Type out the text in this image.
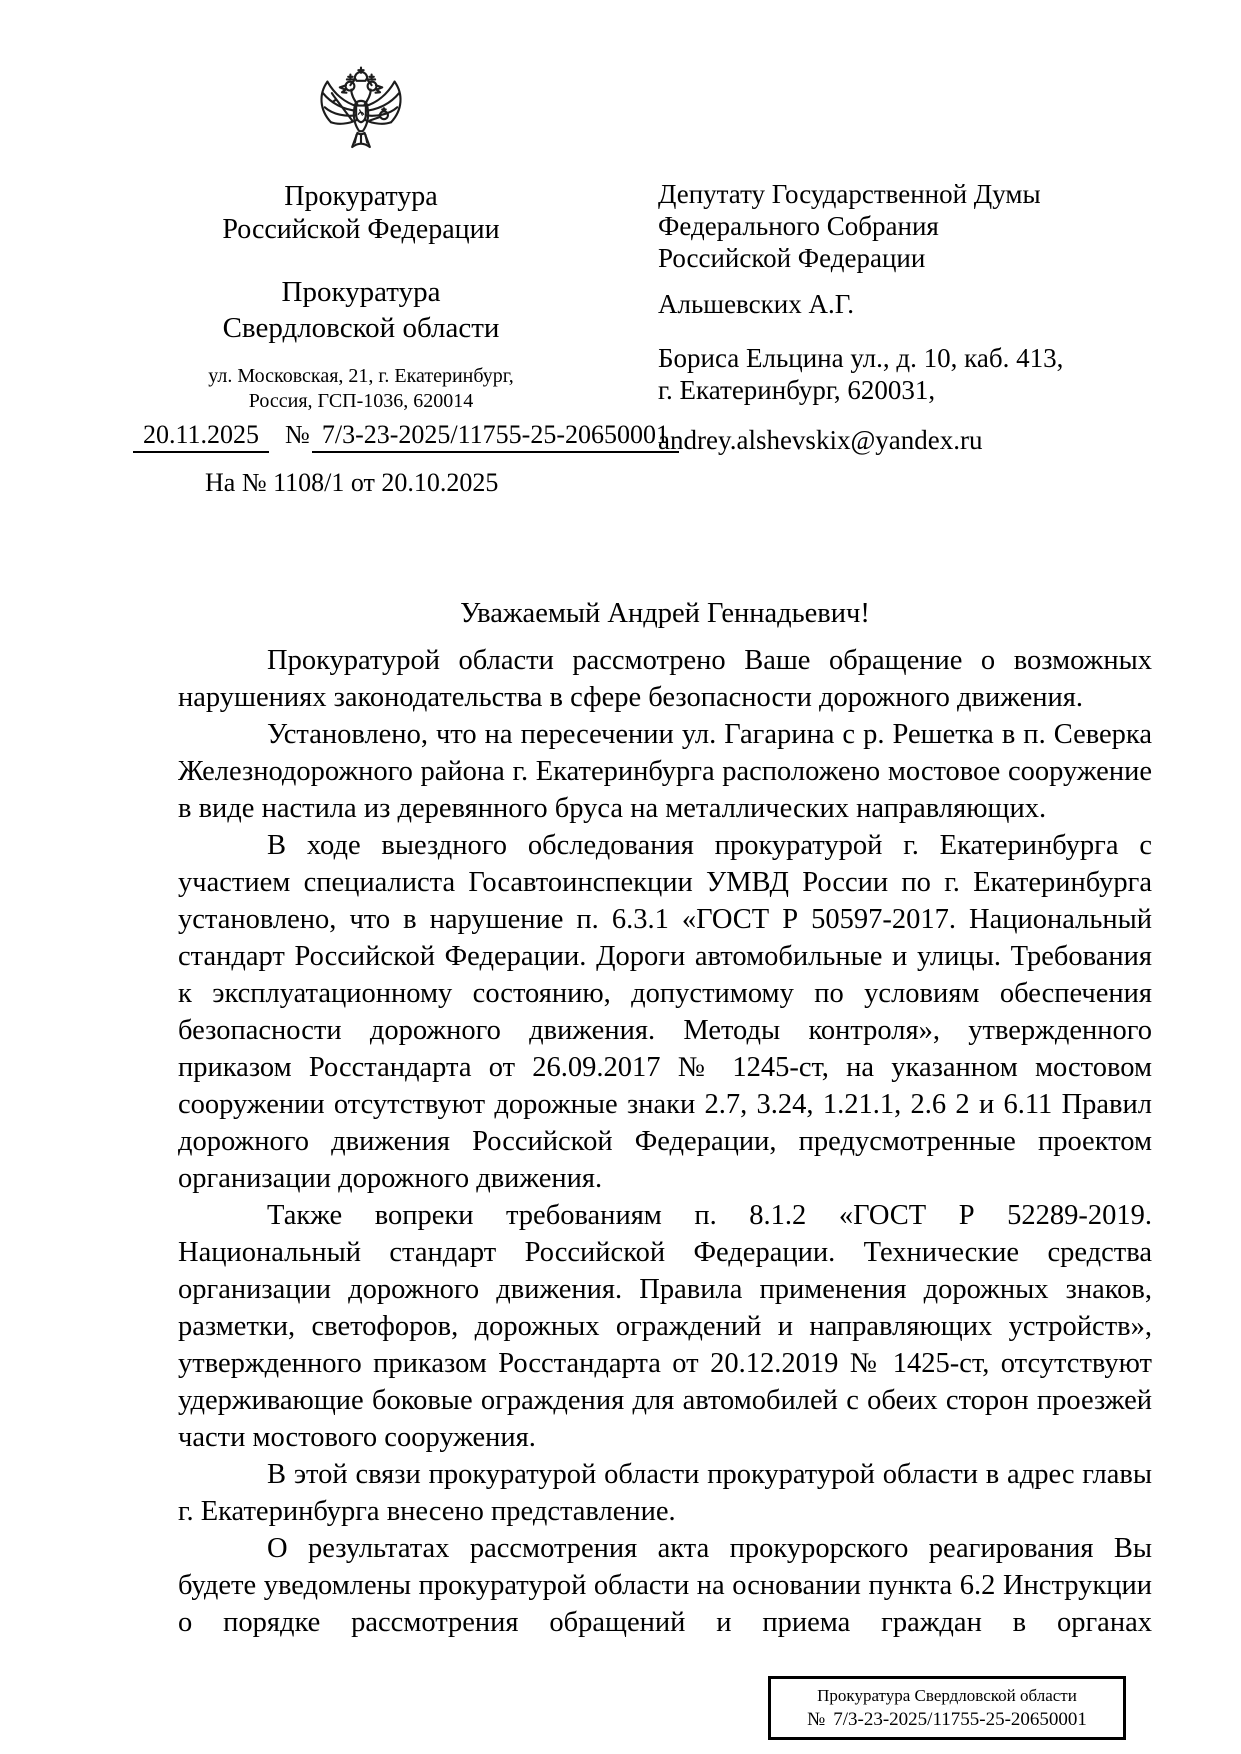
Прокуратура
Российской Федерации
Прокуратура
Свердловской области
ул. Московская, 21, г. Екатеринбург,
Россия, ГСП-1036, 620014
20.11.2025 № 7/3-23-2025/11755-25-20650001
На № 1108/1 от 20.10.2025
Депутату Государственной Думы
Федерального Собрания
Российской Федерации
Альшевских А.Г.
Бориса Ельцина ул., д. 10, каб. 413,
г. Екатеринбург, 620031,
andrey.alshevskix@yandex.ru
Уважаемый Андрей Геннадьевич!

Прокуратурой области рассмотрено Ваше обращение о возможных нарушениях законодательства в сфере безопасности дорожного движения.

Установлено, что на пересечении ул. Гагарина с р. Решетка в п. Северка Железнодорожного района г. Екатеринбурга расположено мостовое сооружение в виде настила из деревянного бруса на металлических направляющих.

В ходе выездного обследования прокуратурой г. Екатеринбурга с участием специалиста Госавтоинспекции УМВД России по г. Екатеринбурга установлено, что в нарушение п. 6.3.1 «ГОСТ Р 50597-2017. Национальный стандарт Российской Федерации. Дороги автомобильные и улицы. Требования к эксплуатационному состоянию, допустимому по условиям обеспечения безопасности дорожного движения. Методы контроля», утвержденного приказом Росстандарта от 26.09.2017 № 1245-ст, на указанном мостовом сооружении отсутствуют дорожные знаки 2.7, 3.24, 1.21.1, 2.6 2 и 6.11 Правил дорожного движения Российской Федерации, предусмотренные проектом организации дорожного движения.

Также вопреки требованиям п. 8.1.2 «ГОСТ Р 52289-2019. Национальный стандарт Российской Федерации. Технические средства организации дорожного движения. Правила применения дорожных знаков, разметки, светофоров, дорожных ограждений и направляющих устройств», утвержденного приказом Росстандарта от 20.12.2019 № 1425-ст, отсутствуют удерживающие боковые ограждения для автомобилей с обеих сторон проезжей части мостового сооружения.

В этой связи прокуратурой области прокуратурой области в адрес главы г. Екатеринбурга внесено представление.

О результатах рассмотрения акта прокурорского реагирования Вы будете уведомлены прокуратурой области на основании пункта 6.2 Инструкции о порядке рассмотрения обращений и приема граждан в органах

Прокуратура Свердловской области
№ 7/3-23-2025/11755-25-20650001
